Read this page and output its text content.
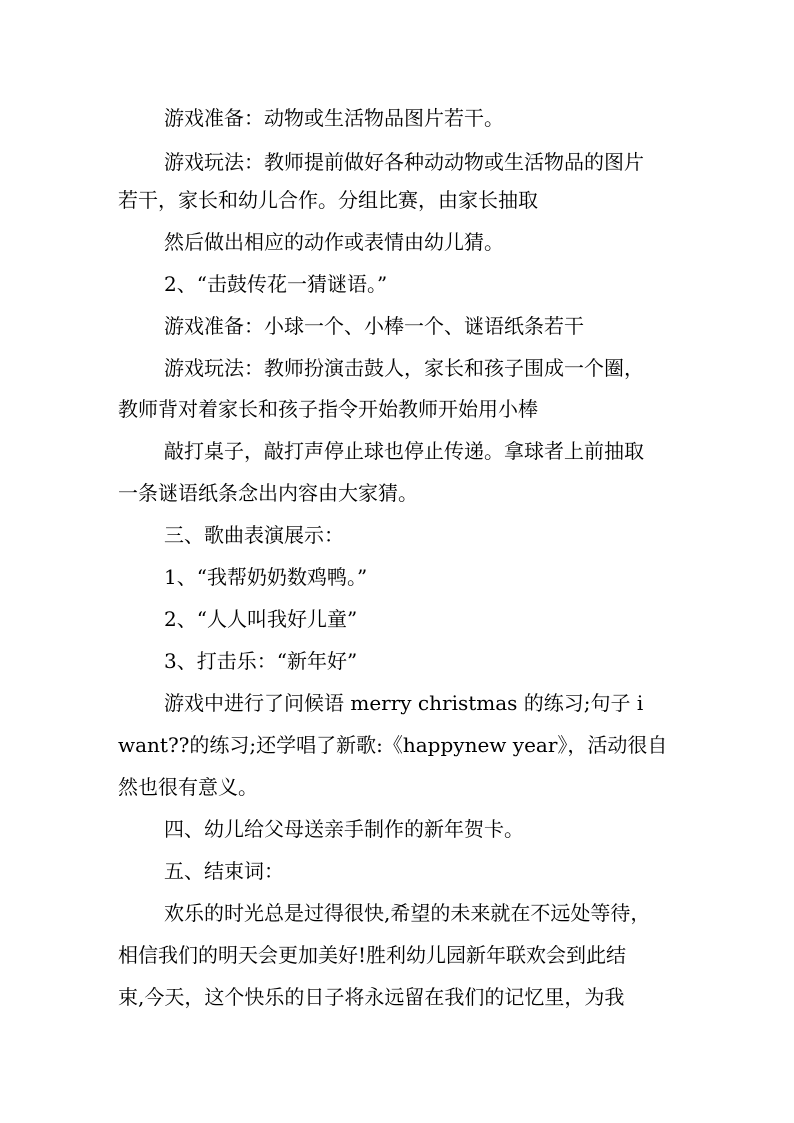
游戏准备：动物或生活物品图片若干。
游戏玩法：教师提前做好各种动动物或生活物品的图片
若干，家长和幼儿合作。分组比赛，由家长抽取
然后做出相应的动作或表情由幼儿猜。
2、“击鼓传花一猜谜语。”
游戏准备：小球一个、小棒一个、谜语纸条若干
游戏玩法：教师扮演击鼓人，家长和孩子围成一个圈，
教师背对着家长和孩子指令开始教师开始用小棒
敲打桌子，敲打声停止球也停止传递。拿球者上前抽取
一条谜语纸条念出内容由大家猜。
三、歌曲表演展示：
1、“我帮奶奶数鸡鸭。”
2、“人人叫我好儿童”
3、打击乐：“新年好”
游戏中进行了问候语 merry christmas 的练习;句子 i
want??的练习;还学唱了新歌:《happynew year》，活动很自
然也很有意义。
四、幼儿给父母送亲手制作的新年贺卡。
五、结束词：
欢乐的时光总是过得很快,希望的未来就在不远处等待，
相信我们的明天会更加美好!胜利幼儿园新年联欢会到此结
束,今天，这个快乐的日子将永远留在我们的记忆里，为我
